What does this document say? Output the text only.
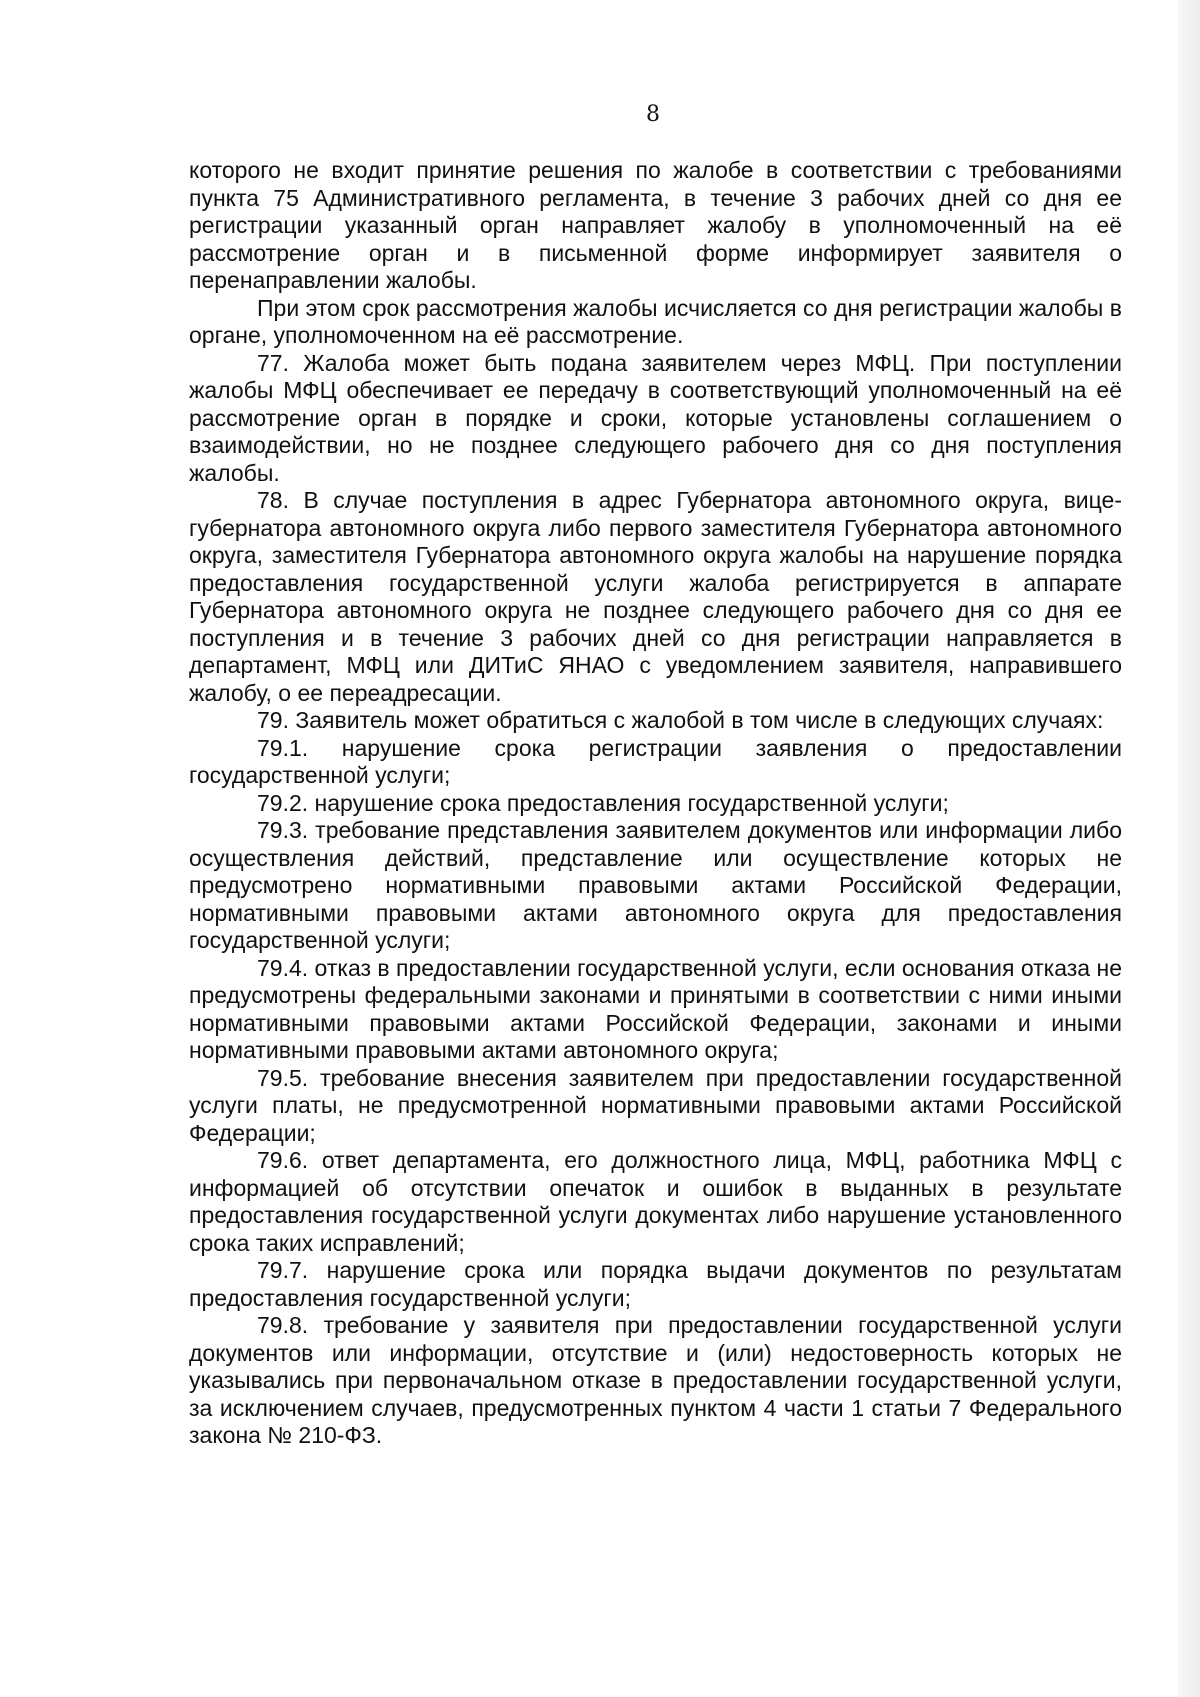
8

которого не входит принятие решения по жалобе в соответствии с требованиями пункта 75 Административного регламента, в течение 3 рабочих дней со дня ее регистрации указанный орган направляет жалобу в уполномоченный на её рассмотрение орган и в письменной форме информирует заявителя о перенаправлении жалобы.

При этом срок рассмотрения жалобы исчисляется со дня регистрации жалобы в органе, уполномоченном на её рассмотрение.

77. Жалоба может быть подана заявителем через МФЦ. При поступлении жалобы МФЦ обеспечивает ее передачу в соответствующий уполномоченный на её рассмотрение орган в порядке и сроки, которые установлены соглашением о взаимодействии, но не позднее следующего рабочего дня со дня поступления жалобы.

78. В случае поступления в адрес Губернатора автономного округа, вице-губернатора автономного округа либо первого заместителя Губернатора автономного округа, заместителя Губернатора автономного округа жалобы на нарушение порядка предоставления государственной услуги жалоба регистрируется в аппарате Губернатора автономного округа не позднее следующего рабочего дня со дня ее поступления и в течение 3 рабочих дней со дня регистрации направляется в департамент, МФЦ или ДИТиС ЯНАО с уведомлением заявителя, направившего жалобу, о ее переадресации.

79. Заявитель может обратиться с жалобой в том числе в следующих случаях:

79.1. нарушение срока регистрации заявления о предоставлении государственной услуги;

79.2. нарушение срока предоставления государственной услуги;

79.3. требование представления заявителем документов или информации либо осуществления действий, представление или осуществление которых не предусмотрено нормативными правовыми актами Российской Федерации, нормативными правовыми актами автономного округа для предоставления государственной услуги;

79.4. отказ в предоставлении государственной услуги, если основания отказа не предусмотрены федеральными законами и принятыми в соответствии с ними иными нормативными правовыми актами Российской Федерации, законами и иными нормативными правовыми актами автономного округа;

79.5. требование внесения заявителем при предоставлении государственной услуги платы, не предусмотренной нормативными правовыми актами Российской Федерации;

79.6. ответ департамента, его должностного лица, МФЦ, работника МФЦ с информацией об отсутствии опечаток и ошибок в выданных в результате предоставления государственной услуги документах либо нарушение установленного срока таких исправлений;

79.7. нарушение срока или порядка выдачи документов по результатам предоставления государственной услуги;

79.8. требование у заявителя при предоставлении государственной услуги документов или информации, отсутствие и (или) недостоверность которых не указывались при первоначальном отказе в предоставлении государственной услуги, за исключением случаев, предусмотренных пунктом 4 части 1 статьи 7 Федерального закона № 210-ФЗ.
